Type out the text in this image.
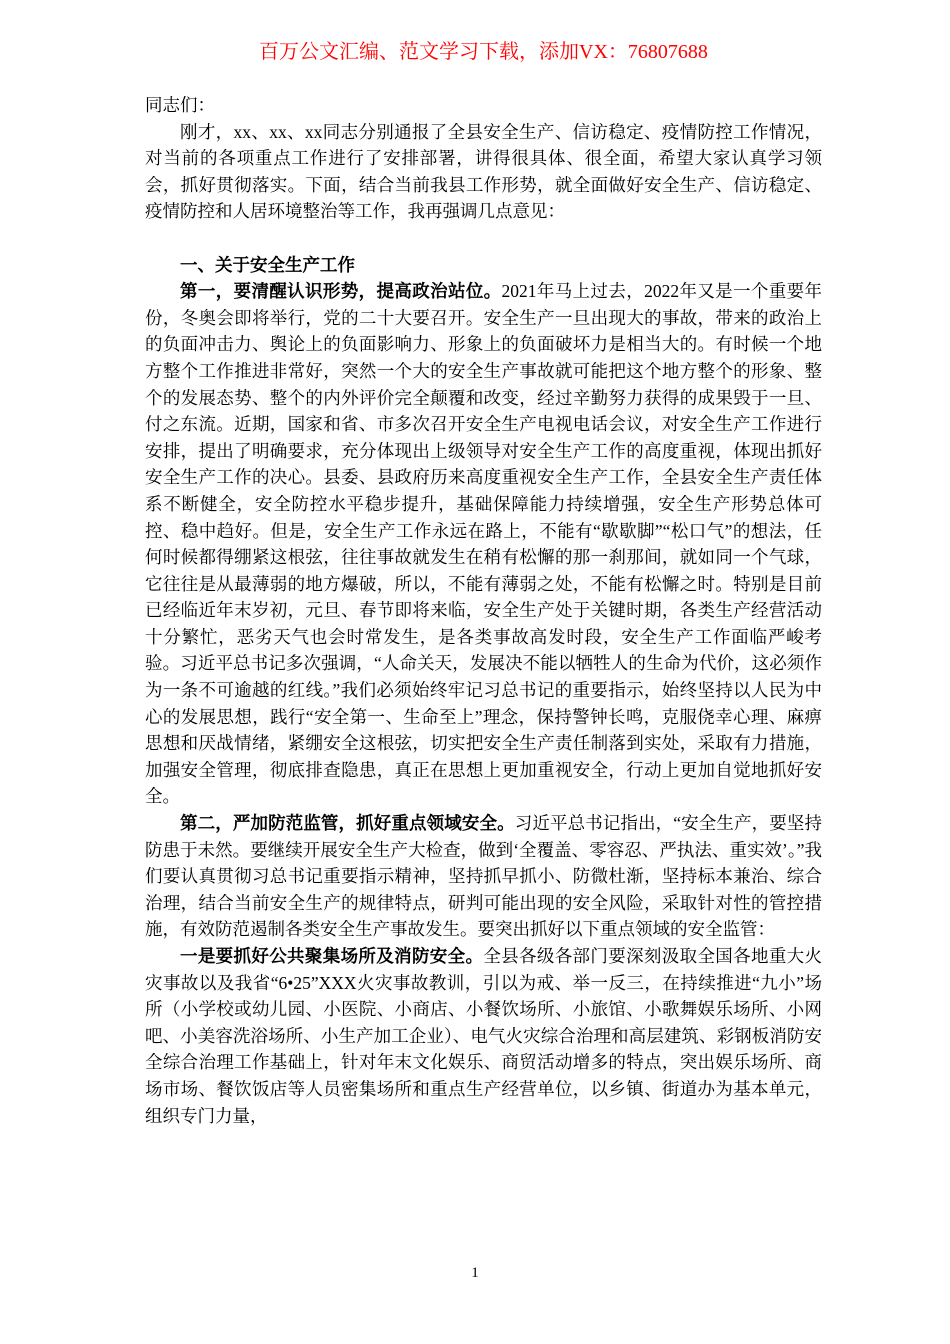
百万公文汇编、范文学习下载，添加VX：76807688

同志们：

刚才，xx、xx、xx同志分别通报了全县安全生产、信访稳定、疫情防控工作情况，对当前的各项重点工作进行了安排部署，讲得很具体、很全面，希望大家认真学习领会，抓好贯彻落实。下面，结合当前我县工作形势，就全面做好安全生产、信访稳定、疫情防控和人居环境整治等工作，我再强调几点意见：

一、关于安全生产工作

第一，要清醒认识形势，提高政治站位。2021年马上过去，2022年又是一个重要年份，冬奥会即将举行，党的二十大要召开。安全生产一旦出现大的事故，带来的政治上的负面冲击力、舆论上的负面影响力、形象上的负面破坏力是相当大的。有时候一个地方整个工作推进非常好，突然一个大的安全生产事故就可能把这个地方整个的形象、整个的发展态势、整个的内外评价完全颠覆和改变，经过辛勤努力获得的成果毁于一旦、付之东流。近期，国家和省、市多次召开安全生产电视电话会议，对安全生产工作进行安排，提出了明确要求，充分体现出上级领导对安全生产工作的高度重视，体现出抓好安全生产工作的决心。县委、县政府历来高度重视安全生产工作，全县安全生产责任体系不断健全，安全防控水平稳步提升，基础保障能力持续增强，安全生产形势总体可控、稳中趋好。但是，安全生产工作永远在路上，不能有“歇歇脚”“松口气”的想法，任何时候都得绷紧这根弦，往往事故就发生在稍有松懈的那一刹那间，就如同一个气球，它往往是从最薄弱的地方爆破，所以，不能有薄弱之处，不能有松懈之时。特别是目前已经临近年末岁初，元旦、春节即将来临，安全生产处于关键时期，各类生产经营活动十分繁忙，恶劣天气也会时常发生，是各类事故高发时段，安全生产工作面临严峻考验。习近平总书记多次强调，“人命关天，发展决不能以牺牲人的生命为代价，这必须作为一条不可逾越的红线。”我们必须始终牢记习总书记的重要指示，始终坚持以人民为中心的发展思想，践行“安全第一、生命至上”理念，保持警钟长鸣，克服侥幸心理、麻痹思想和厌战情绪，紧绷安全这根弦，切实把安全生产责任制落到实处，采取有力措施，加强安全管理，彻底排查隐患，真正在思想上更加重视安全，行动上更加自觉地抓好安全。

第二，严加防范监管，抓好重点领域安全。习近平总书记指出，“安全生产，要坚持防患于未然。要继续开展安全生产大检查，做到‘全覆盖、零容忍、严执法、重实效’。”我们要认真贯彻习总书记重要指示精神，坚持抓早抓小、防微杜渐，坚持标本兼治、综合治理，结合当前安全生产的规律特点，研判可能出现的安全风险，采取针对性的管控措施，有效防范遏制各类安全生产事故发生。要突出抓好以下重点领域的安全监管：

一是要抓好公共聚集场所及消防安全。全县各级各部门要深刻汲取全国各地重大火灾事故以及我省“6•25”XXX火灾事故教训，引以为戒、举一反三，在持续推进“九小”场所（小学校或幼儿园、小医院、小商店、小餐饮场所、小旅馆、小歌舞娱乐场所、小网吧、小美容洗浴场所、小生产加工企业）、电气火灾综合治理和高层建筑、彩钢板消防安全综合治理工作基础上，针对年末文化娱乐、商贸活动增多的特点，突出娱乐场所、商场市场、餐饮饭店等人员密集场所和重点生产经营单位，以乡镇、街道办为基本单元，组织专门力量，

1
